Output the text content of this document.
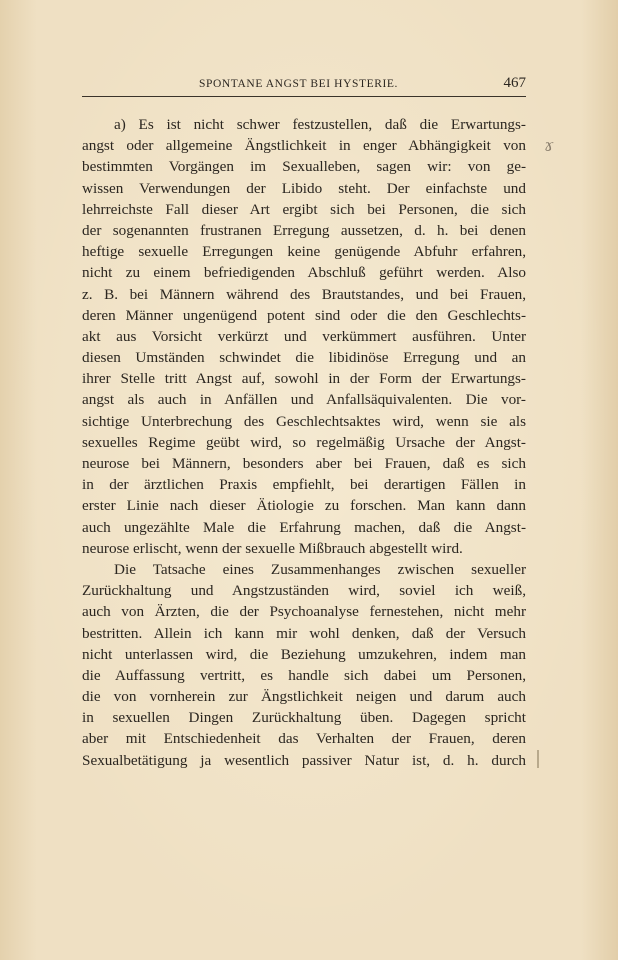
SPONTANE ANGST BEI HYSTERIE.	467
a) Es ist nicht schwer festzustellen, daß die Erwartungs-
angst oder allgemeine Ängstlichkeit in enger Abhängigkeit von
bestimmten Vorgängen im Sexualleben, sagen wir: von ge-
wissen Verwendungen der Libido steht. Der einfachste und
lehrreichste Fall dieser Art ergibt sich bei Personen, die sich
der sogenannten frustranen Erregung aussetzen, d. h. bei denen
heftige sexuelle Erregungen keine genügende Abfuhr erfahren,
nicht zu einem befriedigenden Abschluß geführt werden. Also
z. B. bei Männern während des Brautstandes, und bei Frauen,
deren Männer ungenügend potent sind oder die den Geschlechts-
akt aus Vorsicht verkürzt und verkümmert ausführen. Unter
diesen Umständen schwindet die libidinöse Erregung und an
ihrer Stelle tritt Angst auf, sowohl in der Form der Erwartungs-
angst als auch in Anfällen und Anfallsäquivalenten. Die vor-
sichtige Unterbrechung des Geschlechtsaktes wird, wenn sie als
sexuelles Regime geübt wird, so regelmäßig Ursache der Angst-
neurose bei Männern, besonders aber bei Frauen, daß es sich
in der ärztlichen Praxis empfiehlt, bei derartigen Fällen in
erster Linie nach dieser Ätiologie zu forschen. Man kann dann
auch ungezählte Male die Erfahrung machen, daß die Angst-
neurose erlischt, wenn der sexuelle Mißbrauch abgestellt wird.
Die Tatsache eines Zusammenhanges zwischen sexueller
Zurückhaltung und Angstzuständen wird, soviel ich weiß,
auch von Ärzten, die der Psychoanalyse fernestehen, nicht mehr
bestritten. Allein ich kann mir wohl denken, daß der Versuch
nicht unterlassen wird, die Beziehung umzukehren, indem man
die Auffassung vertritt, es handle sich dabei um Personen,
die von vornherein zur Ängstlichkeit neigen und darum auch
in sexuellen Dingen Zurückhaltung üben. Dagegen spricht
aber mit Entschiedenheit das Verhalten der Frauen, deren
Sexualbetätigung ja wesentlich passiver Natur ist, d. h. durch
ɤ
